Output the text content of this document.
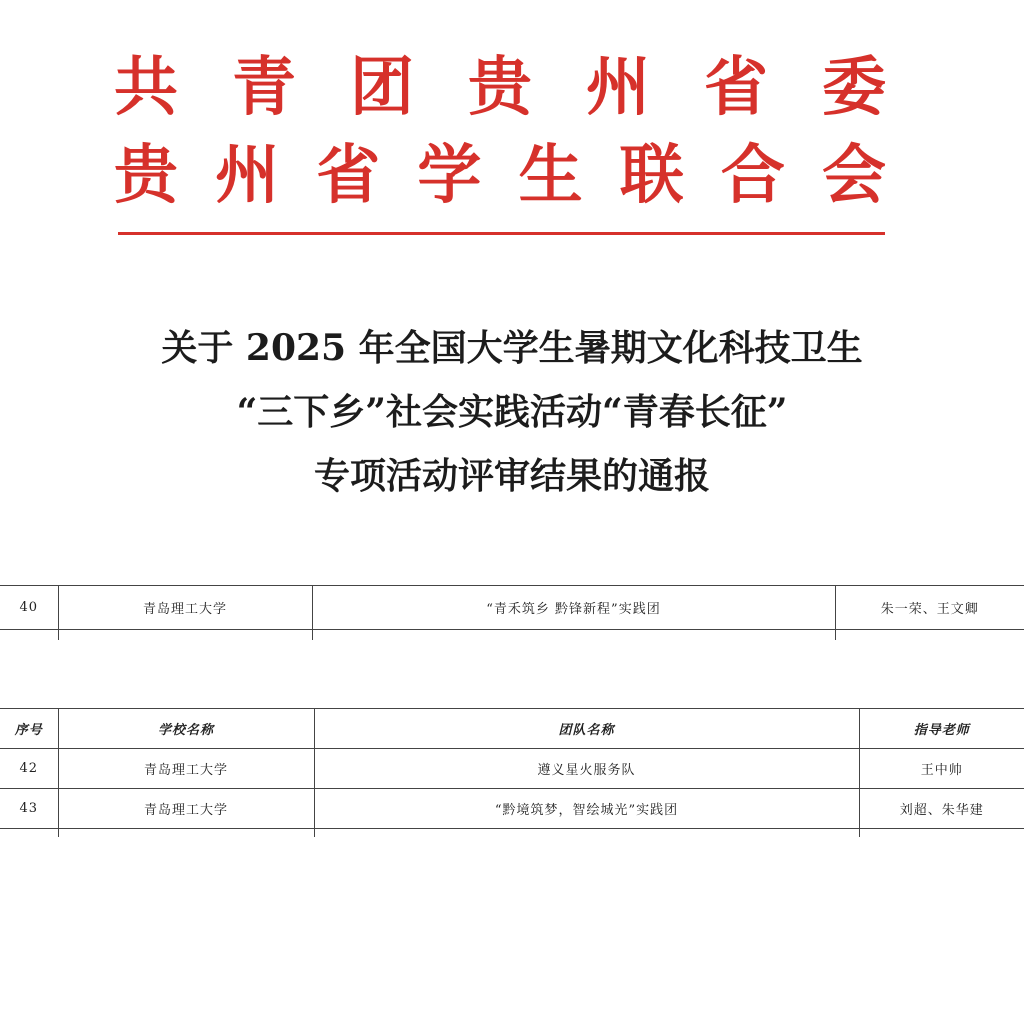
共 青 团 贵 州 省 委
贵 州 省 学 生 联 合 会
关于 2025 年全国大学生暑期文化科技卫生
“三下乡”社会实践活动“青春长征”
专项活动评审结果的通报
40	青岛理工大学	“青禾筑乡 黔锋新程”实践团	朱一荣、王文卿

序号	学校名称	团队名称	指导老师
42	青岛理工大学	遵义星火服务队	王中帅
43	青岛理工大学	“黔境筑梦，智绘城光”实践团	刘超、朱华建
